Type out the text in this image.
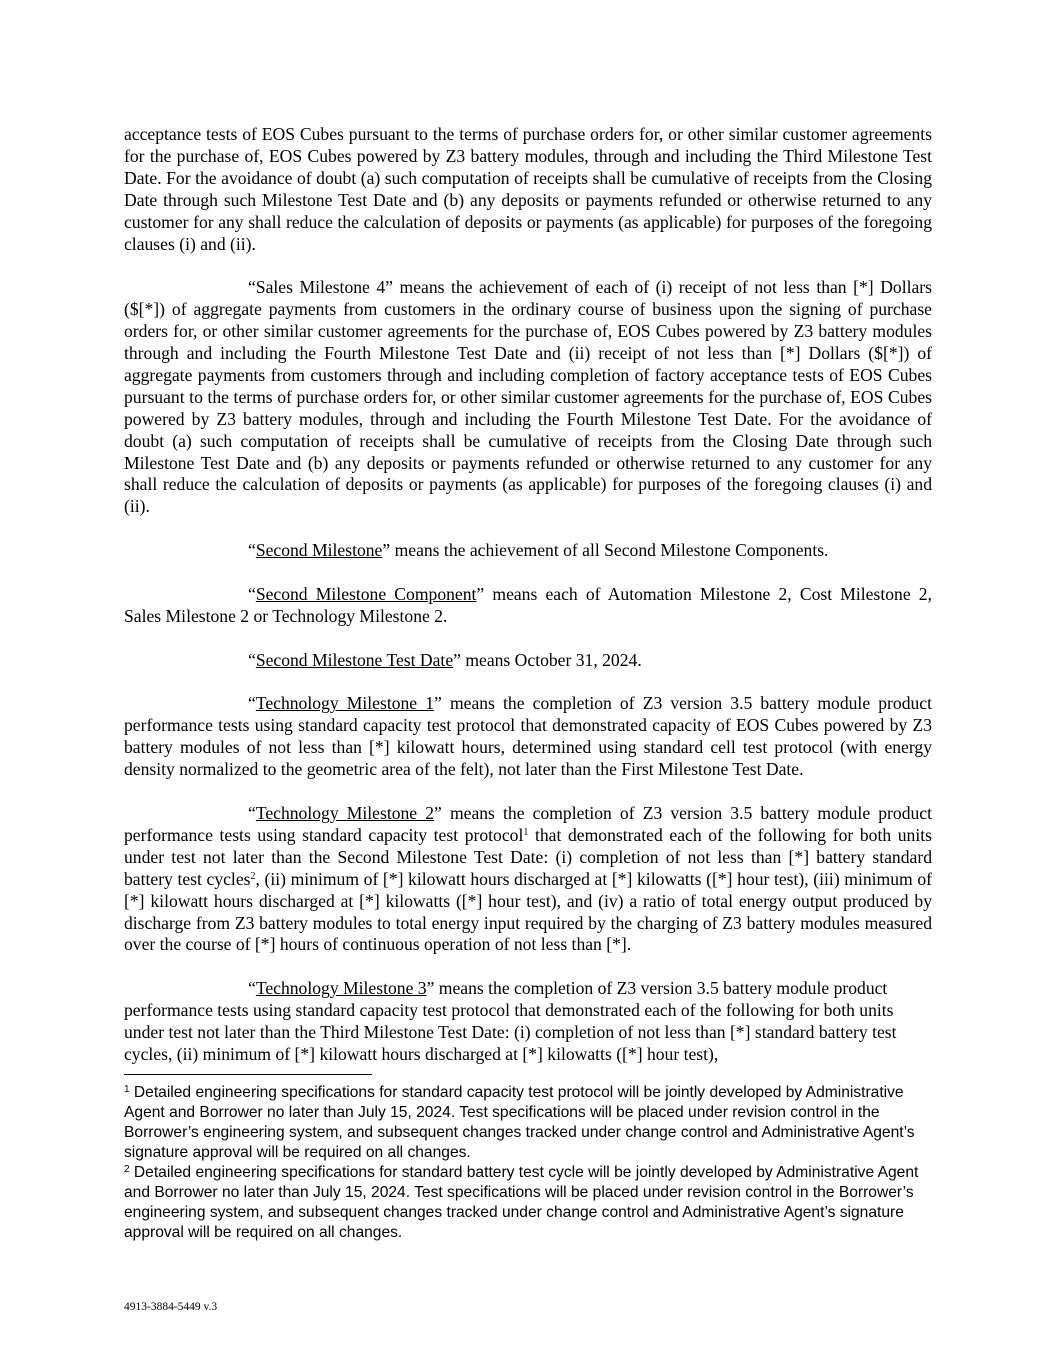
acceptance tests of EOS Cubes pursuant to the terms of purchase orders for, or other similar customer agreements for the purchase of, EOS Cubes powered by Z3 battery modules, through and including the Third Milestone Test Date. For the avoidance of doubt (a) such computation of receipts shall be cumulative of receipts from the Closing Date through such Milestone Test Date and (b) any deposits or payments refunded or otherwise returned to any customer for any shall reduce the calculation of deposits or payments (as applicable) for purposes of the foregoing clauses (i) and (ii).

“Sales Milestone 4” means the achievement of each of (i) receipt of not less than [*] Dollars ($[*]) of aggregate payments from customers in the ordinary course of business upon the signing of purchase orders for, or other similar customer agreements for the purchase of, EOS Cubes powered by Z3 battery modules through and including the Fourth Milestone Test Date and (ii) receipt of not less than [*] Dollars ($[*]) of aggregate payments from customers through and including completion of factory acceptance tests of EOS Cubes pursuant to the terms of purchase orders for, or other similar customer agreements for the purchase of, EOS Cubes powered by Z3 battery modules, through and including the Fourth Milestone Test Date. For the avoidance of doubt (a) such computation of receipts shall be cumulative of receipts from the Closing Date through such Milestone Test Date and (b) any deposits or payments refunded or otherwise returned to any customer for any shall reduce the calculation of deposits or payments (as applicable) for purposes of the foregoing clauses (i) and (ii).

“Second Milestone” means the achievement of all Second Milestone Components.

“Second Milestone Component” means each of Automation Milestone 2, Cost Milestone 2, Sales Milestone 2 or Technology Milestone 2.

“Second Milestone Test Date” means October 31, 2024.

“Technology Milestone 1” means the completion of Z3 version 3.5 battery module product performance tests using standard capacity test protocol that demonstrated capacity of EOS Cubes powered by Z3 battery modules of not less than [*] kilowatt hours, determined using standard cell test protocol (with energy density normalized to the geometric area of the felt), not later than the First Milestone Test Date.

“Technology Milestone 2” means the completion of Z3 version 3.5 battery module product performance tests using standard capacity test protocol$^1$ that demonstrated each of the following for both units under test not later than the Second Milestone Test Date: (i) completion of not less than [*] battery standard battery test cycles$^2$, (ii) minimum of [*] kilowatt hours discharged at [*] kilowatts ([*] hour test), (iii) minimum of [*] kilowatt hours discharged at [*] kilowatts ([*] hour test), and (iv) a ratio of total energy output produced by discharge from Z3 battery modules to total energy input required by the charging of Z3 battery modules measured over the course of [*] hours of continuous operation of not less than [*].

“Technology Milestone 3” means the completion of Z3 version 3.5 battery module product performance tests using standard capacity test protocol that demonstrated each of the following for both units under test not later than the Third Milestone Test Date: (i) completion of not less than [*] standard battery test cycles, (ii) minimum of [*] kilowatt hours discharged at [*] kilowatts ([*] hour test),

$^1$ Detailed engineering specifications for standard capacity test protocol will be jointly developed by Administrative Agent and Borrower no later than July 15, 2024. Test specifications will be placed under revision control in the Borrower’s engineering system, and subsequent changes tracked under change control and Administrative Agent’s signature approval will be required on all changes.

$^2$ Detailed engineering specifications for standard battery test cycle will be jointly developed by Administrative Agent and Borrower no later than July 15, 2024. Test specifications will be placed under revision control in the Borrower’s engineering system, and subsequent changes tracked under change control and Administrative Agent’s signature approval will be required on all changes.

4913-3884-5449 v.3
